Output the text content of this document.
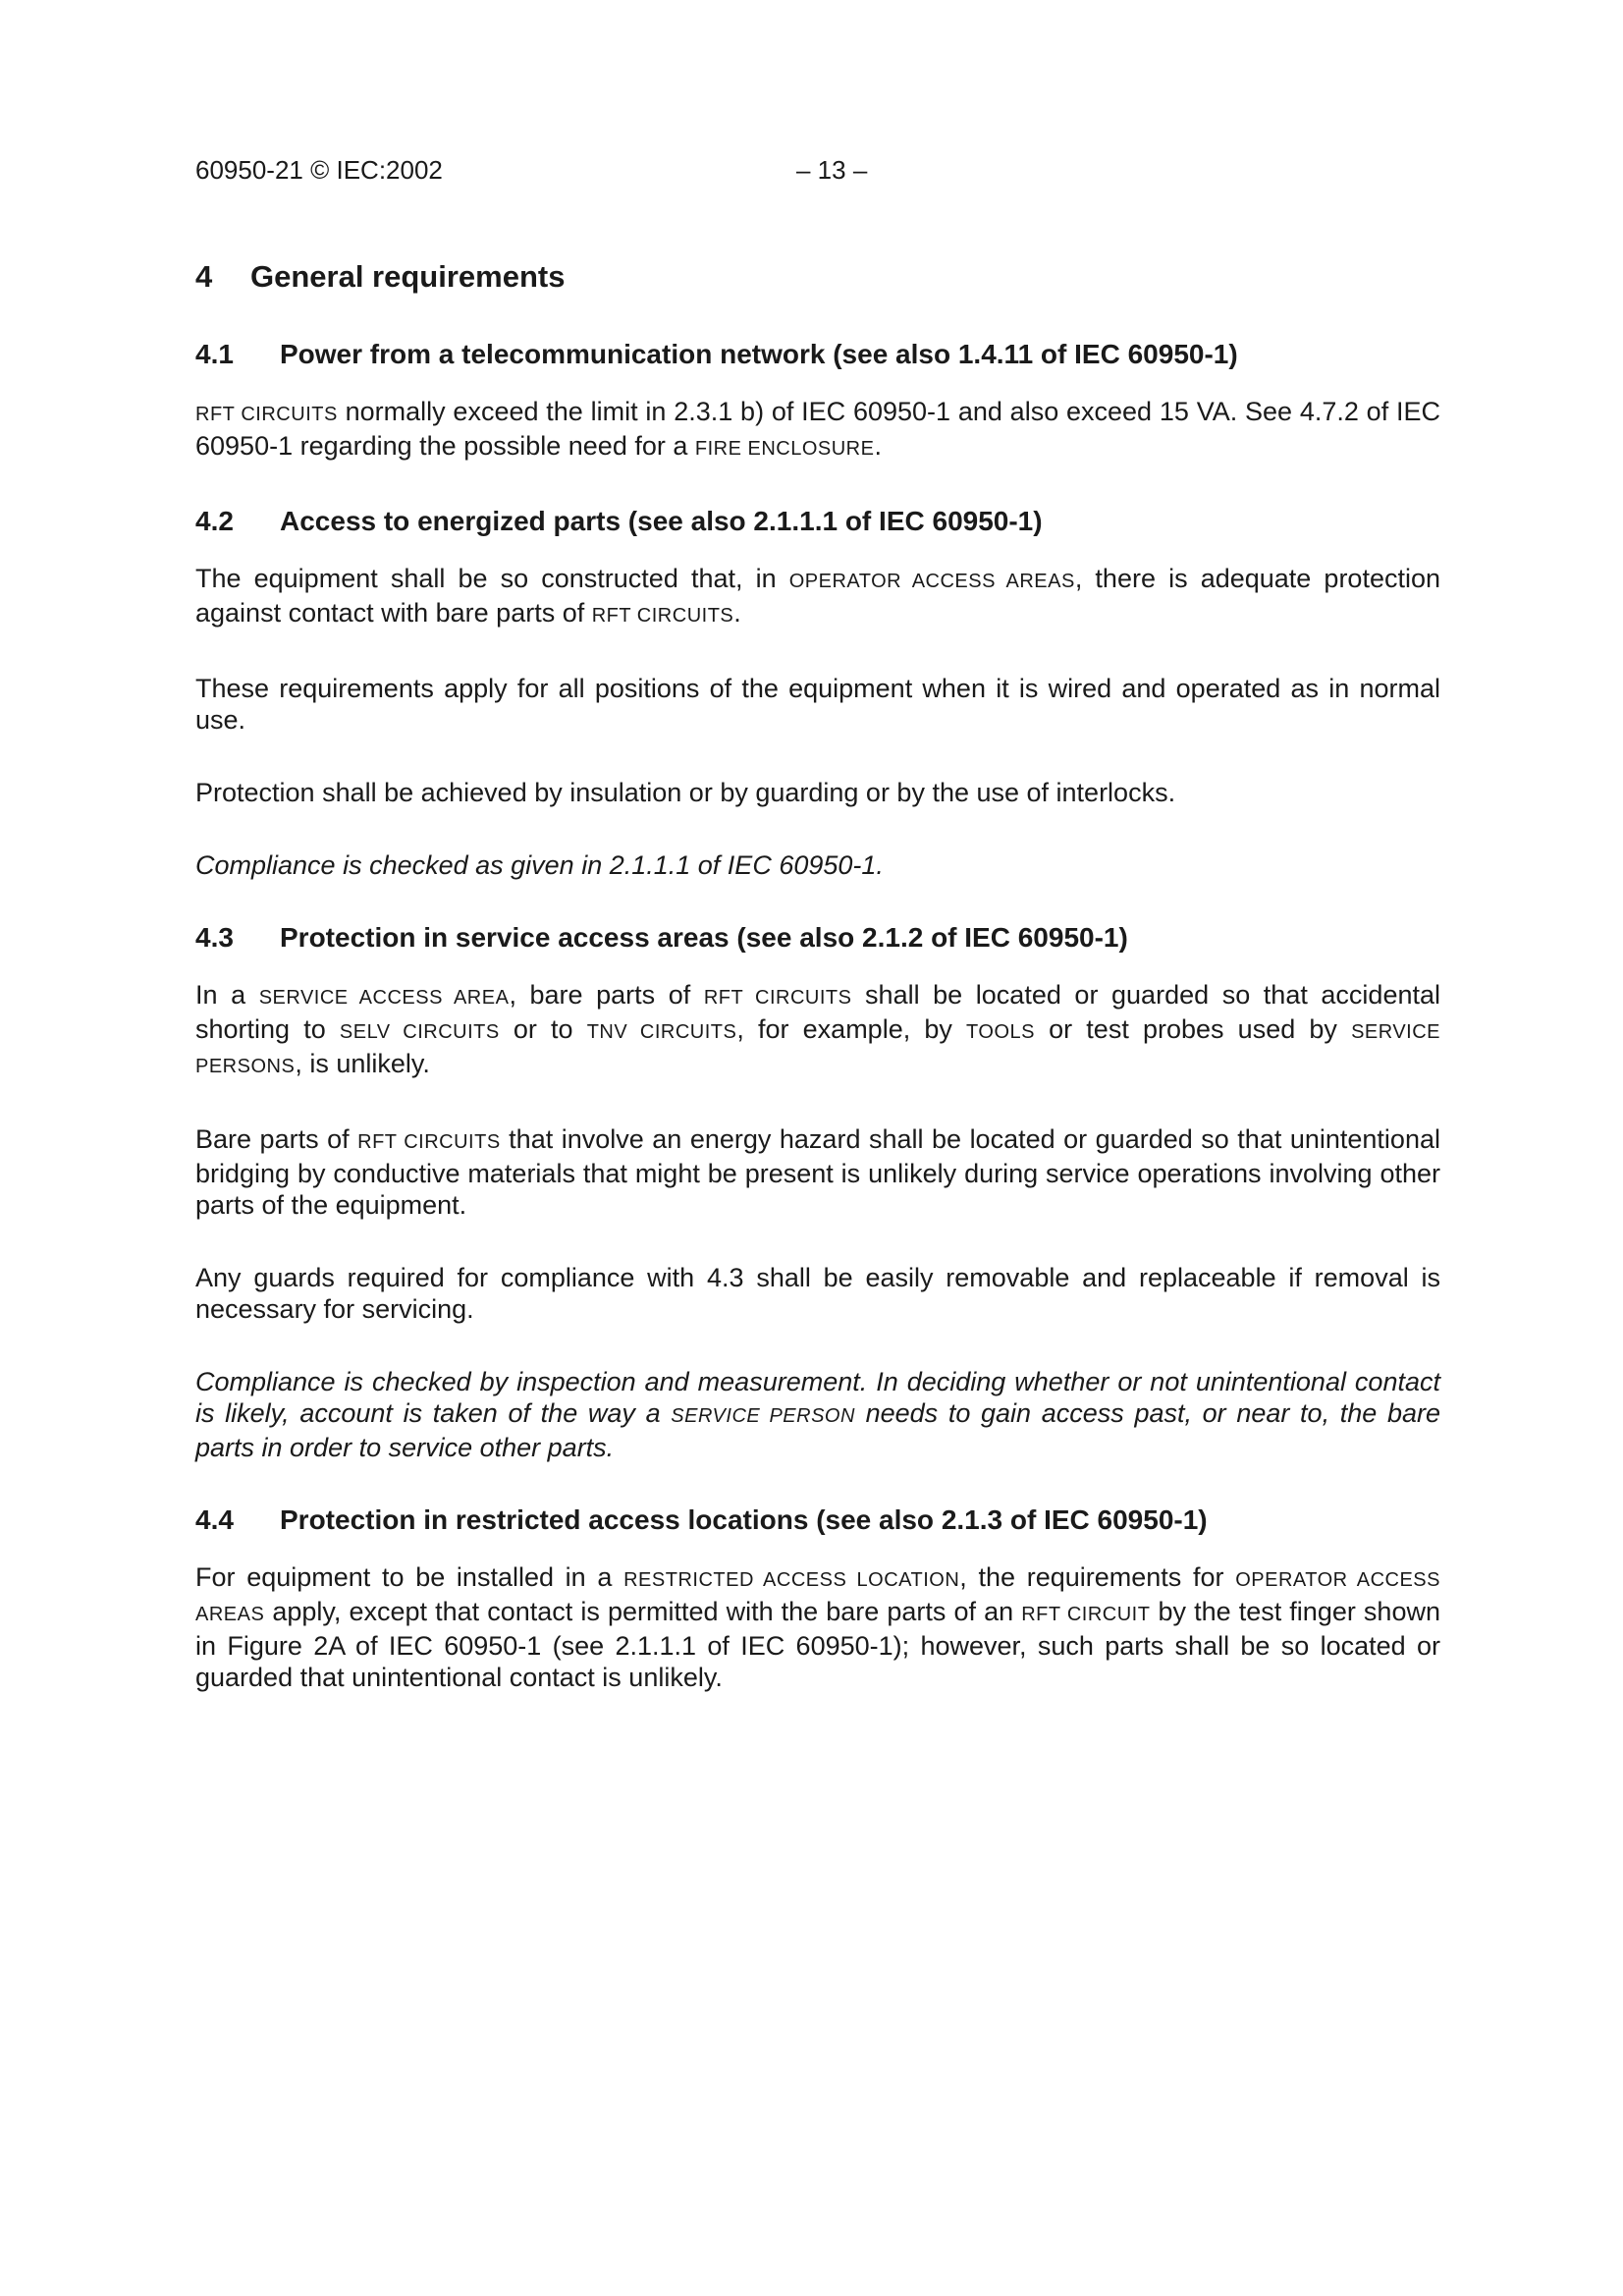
60950-21 © IEC:2002	– 13 –
4 General requirements
4.1 Power from a telecommunication network (see also 1.4.11 of IEC 60950-1)

RFT CIRCUITS normally exceed the limit in 2.3.1 b) of IEC 60950-1 and also exceed 15 VA. See 4.7.2 of IEC 60950-1 regarding the possible need for a FIRE ENCLOSURE.

4.2 Access to energized parts (see also 2.1.1.1 of IEC 60950-1)

The equipment shall be so constructed that, in OPERATOR ACCESS AREAS, there is adequate protection against contact with bare parts of RFT CIRCUITS.

These requirements apply for all positions of the equipment when it is wired and operated as in normal use.

Protection shall be achieved by insulation or by guarding or by the use of interlocks.

Compliance is checked as given in 2.1.1.1 of IEC 60950-1.

4.3 Protection in service access areas (see also 2.1.2 of IEC 60950-1)

In a SERVICE ACCESS AREA, bare parts of RFT CIRCUITS shall be located or guarded so that accidental shorting to SELV CIRCUITS or to TNV CIRCUITS, for example, by TOOLS or test probes used by SERVICE PERSONS, is unlikely.

Bare parts of RFT CIRCUITS that involve an energy hazard shall be located or guarded so that unintentional bridging by conductive materials that might be present is unlikely during service operations involving other parts of the equipment.

Any guards required for compliance with 4.3 shall be easily removable and replaceable if removal is necessary for servicing.

Compliance is checked by inspection and measurement. In deciding whether or not unintentional contact is likely, account is taken of the way a SERVICE PERSON needs to gain access past, or near to, the bare parts in order to service other parts.

4.4 Protection in restricted access locations (see also 2.1.3 of IEC 60950-1)

For equipment to be installed in a RESTRICTED ACCESS LOCATION, the requirements for OPERATOR ACCESS AREAS apply, except that contact is permitted with the bare parts of an RFT CIRCUIT by the test finger shown in Figure 2A of IEC 60950-1 (see 2.1.1.1 of IEC 60950-1); however, such parts shall be so located or guarded that unintentional contact is unlikely.
